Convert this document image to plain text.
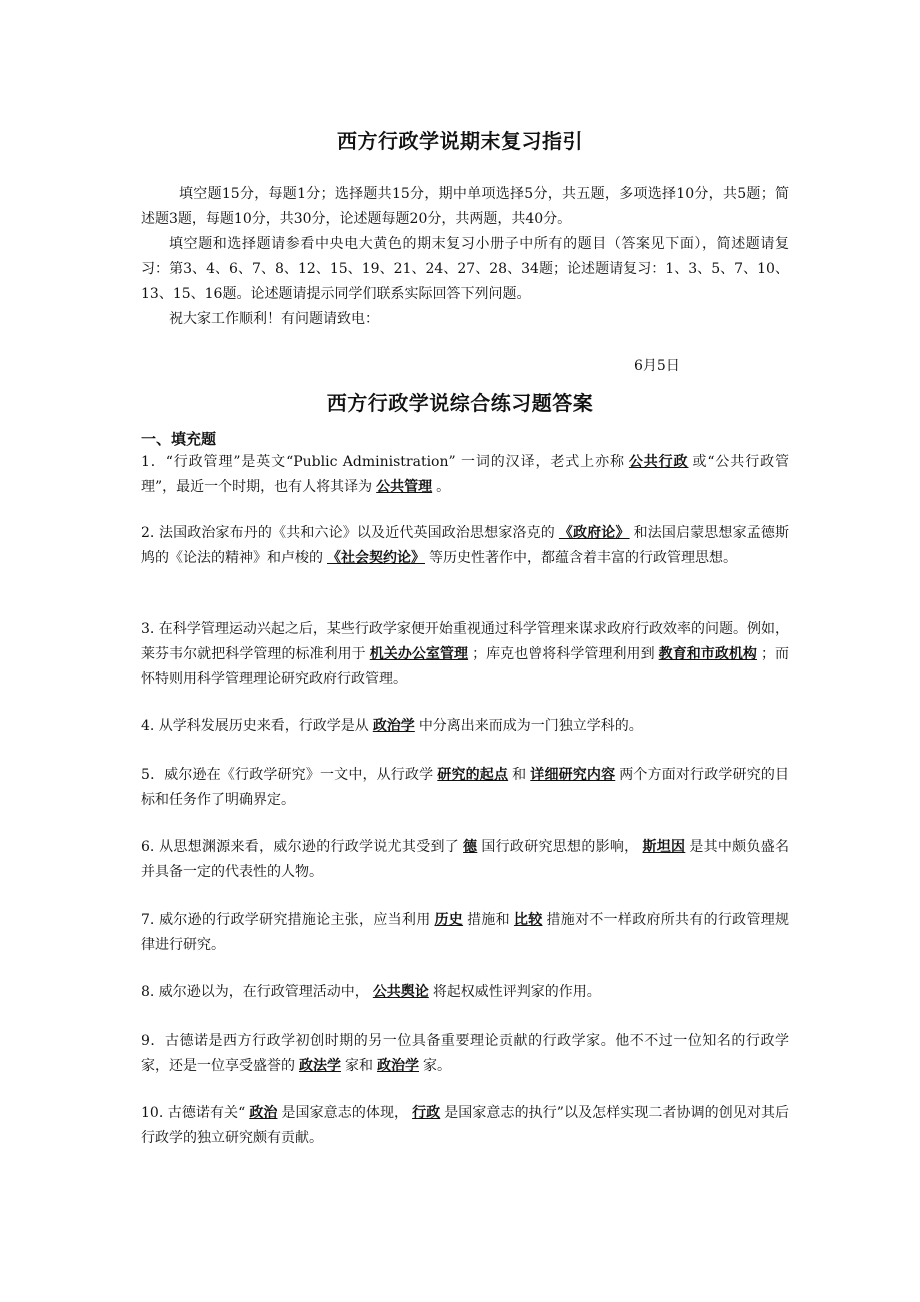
西方行政学说期末复习指引
填空题15分，每题1分；选择题共15分，期中单项选择5分，共五题，多项选择10分，共5题；简述题3题，每题10分，共30分，论述题每题20分，共两题，共40分。
填空题和选择题请参看中央电大黄色的期末复习小册子中所有的题目（答案见下面），简述题请复习：第3、4、6、7、8、12、15、19、21、24、27、28、34题；论述题请复习：1、3、5、7、10、13、15、16题。论述题请提示同学们联系实际回答下列问题。
祝大家工作顺利！有问题请致电：
6月5日
西方行政学说综合练习题答案
一、填充题
1．“行政管理”是英文“Public Administration” 一词的汉译，老式上亦称 公共行政 或“公共行政管理”，最近一个时期，也有人将其译为 公共管理 。
2. 法国政治家布丹的《共和六论》以及近代英国政治思想家洛克的 《政府论》 和法国启蒙思想家孟德斯鸠的《论法的精神》和卢梭的 《社会契约论》 等历史性著作中，都蕴含着丰富的行政管理思想。
3. 在科学管理运动兴起之后，某些行政学家便开始重视通过科学管理来谋求政府行政效率的问题。例如，莱芬韦尔就把科学管理的标准利用于 机关办公室管理 ；库克也曾将科学管理利用到 教育和市政机构 ；而怀特则用科学管理理论研究政府行政管理。
4. 从学科发展历史来看，行政学是从 政治学 中分离出来而成为一门独立学科的。
5．威尔逊在《行政学研究》一文中，从行政学 研究的起点 和 详细研究内容 两个方面对行政学研究的目标和任务作了明确界定。
6. 从思想渊源来看，威尔逊的行政学说尤其受到了 德 国行政研究思想的影响， 斯坦因 是其中颇负盛名并具备一定的代表性的人物。
7. 威尔逊的行政学研究措施论主张，应当利用 历史 措施和 比较 措施对不一样政府所共有的行政管理规律进行研究。
8. 威尔逊以为，在行政管理活动中， 公共舆论 将起权威性评判家的作用。
9．古德诺是西方行政学初创时期的另一位具备重要理论贡献的行政学家。他不不过一位知名的行政学家，还是一位享受盛誉的 政法学 家和 政治学 家。
10. 古德诺有关“ 政治 是国家意志的体现， 行政 是国家意志的执行”以及怎样实现二者协调的创见对其后行政学的独立研究颇有贡献。
